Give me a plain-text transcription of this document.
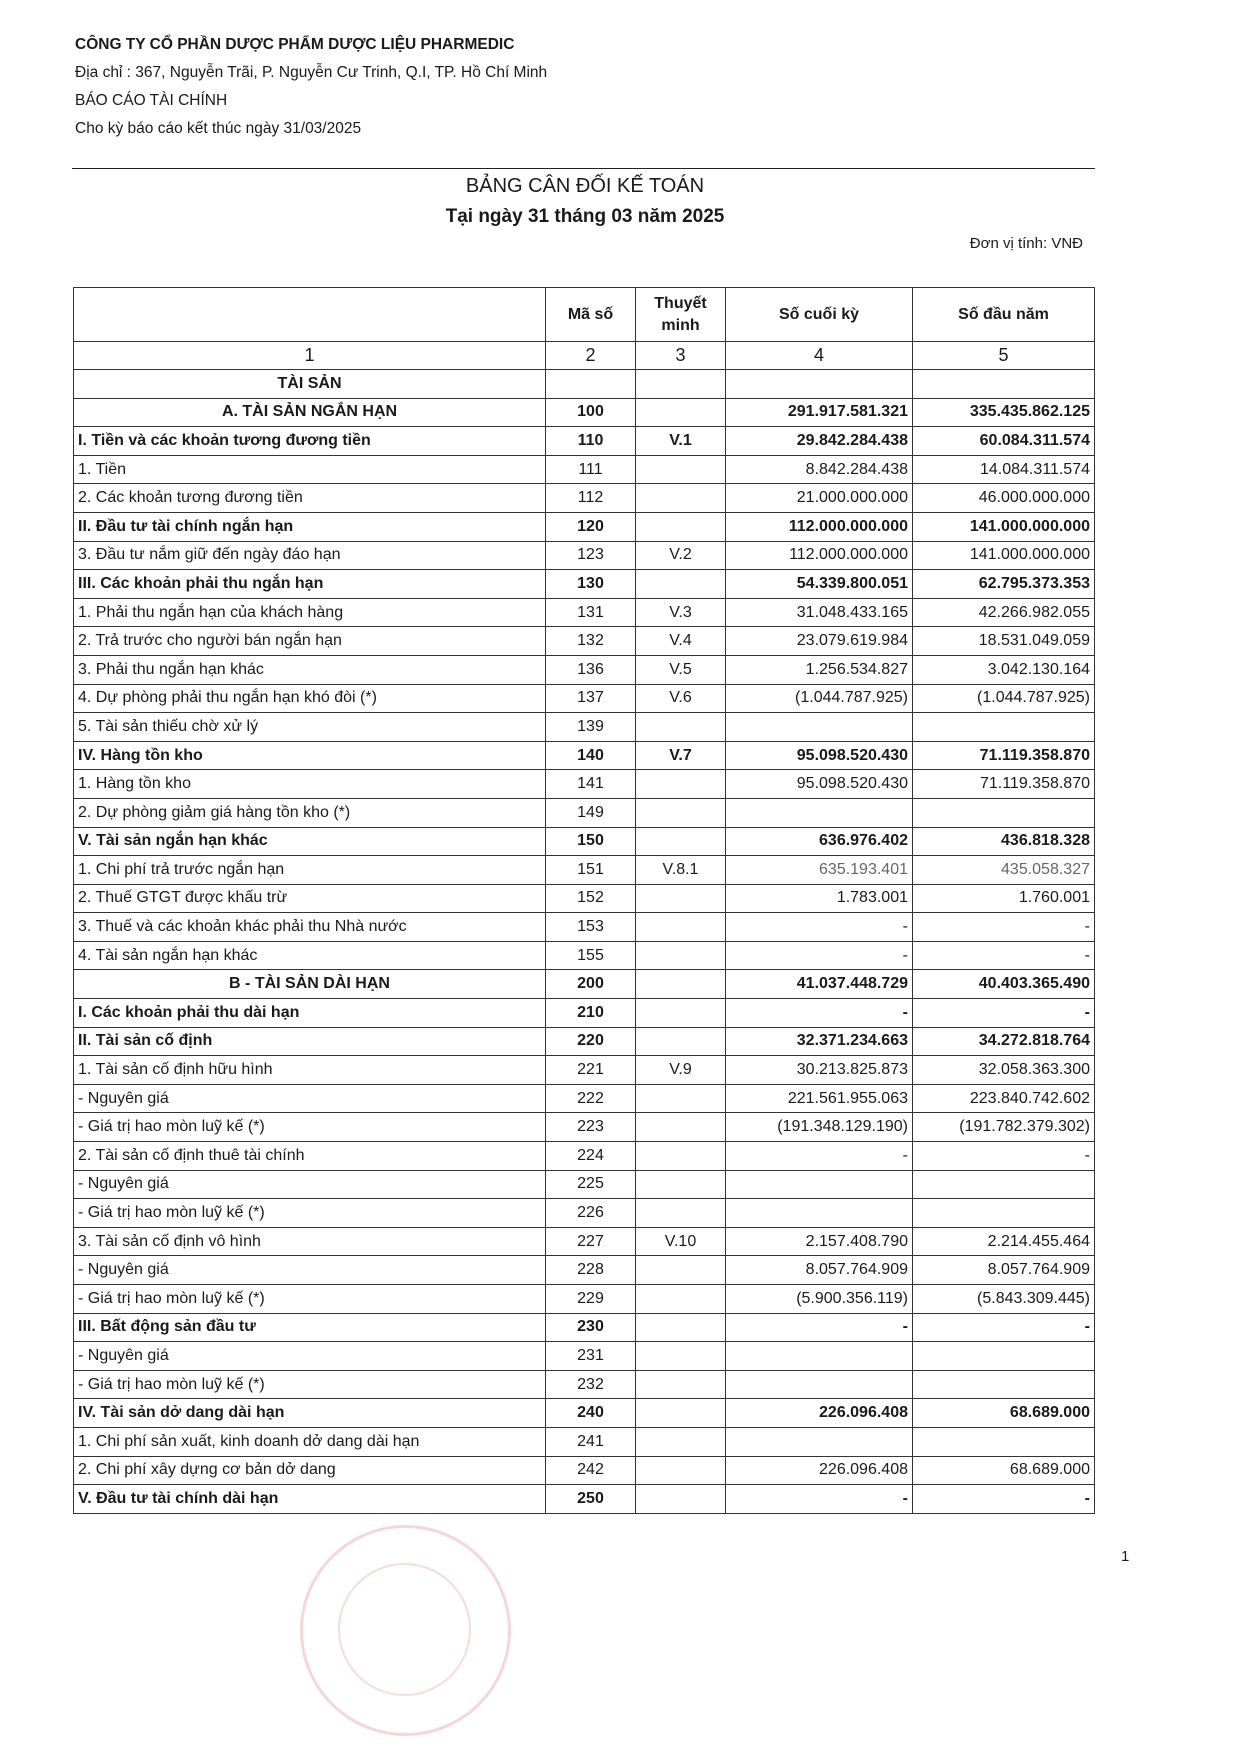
CÔNG TY CỔ PHẦN DƯỢC PHẨM DƯỢC LIỆU PHARMEDIC
Địa chỉ : 367, Nguyễn Trãi, P. Nguyễn Cư Trinh, Q.I, TP. Hồ Chí Minh
BÁO CÁO TÀI CHÍNH
Cho kỳ báo cáo kết thúc ngày 31/03/2025
BẢNG CÂN ĐỐI KẾ TOÁN
Tại ngày 31 tháng 03 năm 2025
Đơn vị tính: VNĐ
	Mã số	Thuyết minh	Số cuối kỳ	Số đầu năm
1	2	3	4	5
TÀI SẢN				
A. TÀI SẢN NGẮN HẠN	100		291.917.581.321	335.435.862.125
I. Tiền và các khoản tương đương tiền	110	V.1	29.842.284.438	60.084.311.574
1. Tiền	111		8.842.284.438	14.084.311.574
2. Các khoản tương đương tiền	112		21.000.000.000	46.000.000.000
II. Đầu tư tài chính ngắn hạn	120		112.000.000.000	141.000.000.000
3. Đầu tư nắm giữ đến ngày đáo hạn	123	V.2	112.000.000.000	141.000.000.000
III. Các khoản phải thu ngắn hạn	130		54.339.800.051	62.795.373.353
1. Phải thu ngắn hạn của khách hàng	131	V.3	31.048.433.165	42.266.982.055
2. Trả trước cho người bán ngắn hạn	132	V.4	23.079.619.984	18.531.049.059
3. Phải thu ngắn hạn khác	136	V.5	1.256.534.827	3.042.130.164
4. Dự phòng phải thu ngắn hạn khó đòi (*)	137	V.6	(1.044.787.925)	(1.044.787.925)
5. Tài sản thiếu chờ xử lý	139			
IV. Hàng tồn kho	140	V.7	95.098.520.430	71.119.358.870
1. Hàng tồn kho	141		95.098.520.430	71.119.358.870
2. Dự phòng giảm giá hàng tồn kho (*)	149			
V. Tài sản ngắn hạn khác	150		636.976.402	436.818.328
1. Chi phí trả trước ngắn hạn	151	V.8.1	635.193.401	435.058.327
2. Thuế GTGT được khấu trừ	152		1.783.001	1.760.001
3. Thuế và các khoản khác phải thu Nhà nước	153		-	-
4. Tài sản ngắn hạn khác	155		-	-
B - TÀI SẢN DÀI HẠN	200		41.037.448.729	40.403.365.490
I. Các khoản phải thu dài hạn	210		-	-
II. Tài sản cố định	220		32.371.234.663	34.272.818.764
1. Tài sản cố định hữu hình	221	V.9	30.213.825.873	32.058.363.300
- Nguyên giá	222		221.561.955.063	223.840.742.602
- Giá trị hao mòn luỹ kế (*)	223		(191.348.129.190)	(191.782.379.302)
2. Tài sản cố định thuê tài chính	224		-	-
- Nguyên giá	225			
- Giá trị hao mòn luỹ kế (*)	226			
3. Tài sản cố định vô hình	227	V.10	2.157.408.790	2.214.455.464
- Nguyên giá	228		8.057.764.909	8.057.764.909
- Giá trị hao mòn luỹ kế (*)	229		(5.900.356.119)	(5.843.309.445)
III. Bất động sản đầu tư	230		-	-
- Nguyên giá	231			
- Giá trị hao mòn luỹ kế (*)	232			
IV. Tài sản dở dang dài hạn	240		226.096.408	68.689.000
1. Chi phí sản xuất, kinh doanh dở dang dài hạn	241			
2. Chi phí xây dựng cơ bản dở dang	242		226.096.408	68.689.000
V. Đầu tư tài chính dài hạn	250		-	-
1
